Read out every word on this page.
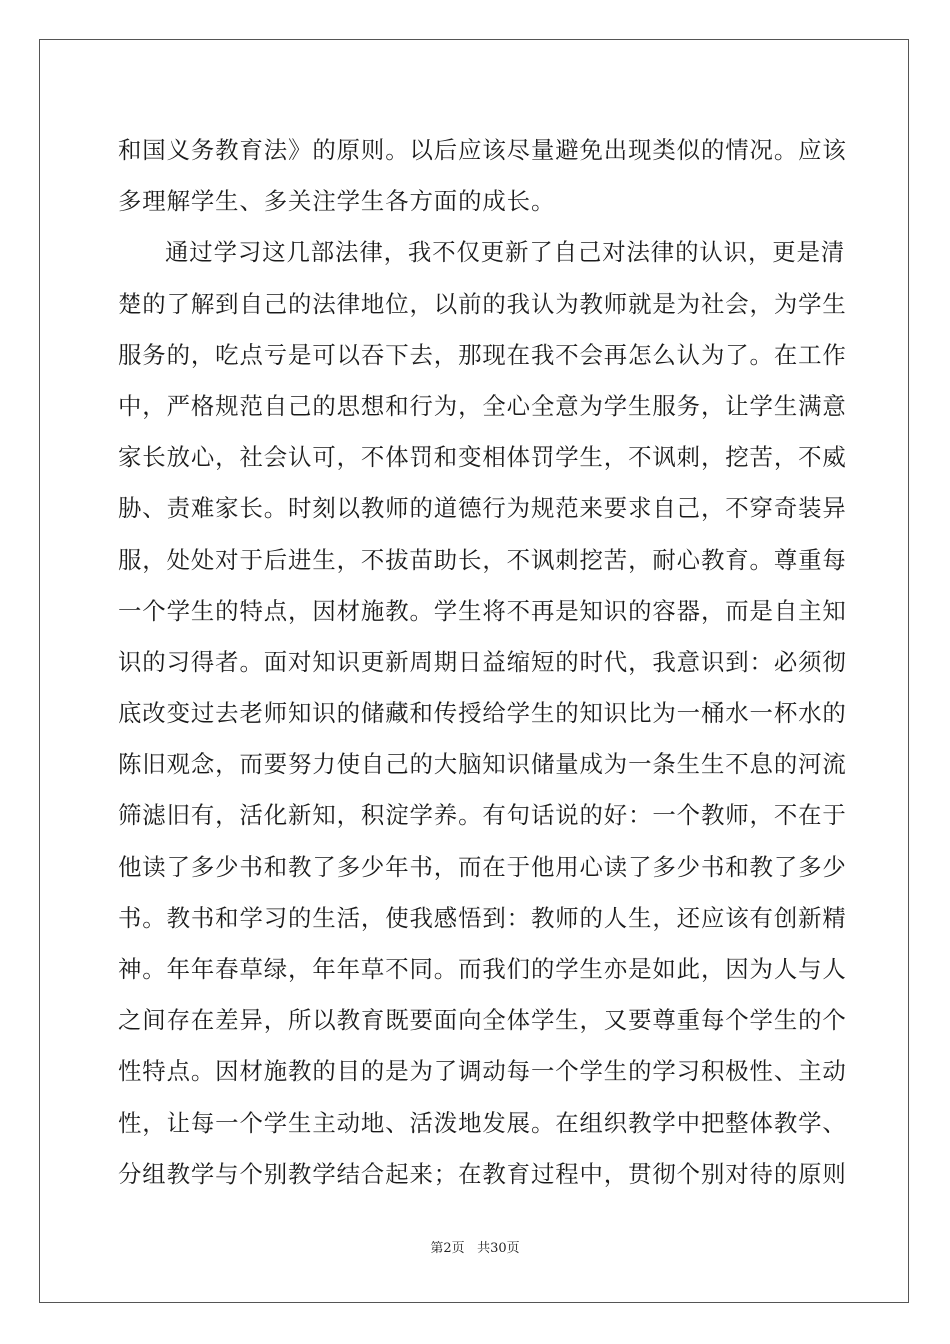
和国义务教育法》的原则。以后应该尽量避免出现类似的情况。应该
多理解学生、多关注学生各方面的成长。
通过学习这几部法律，我不仅更新了自己对法律的认识，更是清
楚的了解到自己的法律地位，以前的我认为教师就是为社会，为学生
服务的，吃点亏是可以吞下去，那现在我不会再怎么认为了。在工作
中，严格规范自己的思想和行为，全心全意为学生服务，让学生满意
家长放心，社会认可，不体罚和变相体罚学生，不讽刺，挖苦，不威
胁、责难家长。时刻以教师的道德行为规范来要求自己，不穿奇装异
服，处处对于后进生，不拔苗助长，不讽刺挖苦，耐心教育。尊重每
一个学生的特点，因材施教。学生将不再是知识的容器，而是自主知
识的习得者。面对知识更新周期日益缩短的时代，我意识到：必须彻
底改变过去老师知识的储藏和传授给学生的知识比为一桶水一杯水的
陈旧观念，而要努力使自己的大脑知识储量成为一条生生不息的河流
筛滤旧有，活化新知，积淀学养。有句话说的好：一个教师，不在于
他读了多少书和教了多少年书，而在于他用心读了多少书和教了多少
书。教书和学习的生活，使我感悟到：教师的人生，还应该有创新精
神。年年春草绿，年年草不同。而我们的学生亦是如此，因为人与人
之间存在差异，所以教育既要面向全体学生，又要尊重每个学生的个
性特点。因材施教的目的是为了调动每一个学生的学习积极性、主动
性，让每一个学生主动地、活泼地发展。在组织教学中把整体教学、
分组教学与个别教学结合起来；在教育过程中，贯彻个别对待的原则
第2页 共30页
